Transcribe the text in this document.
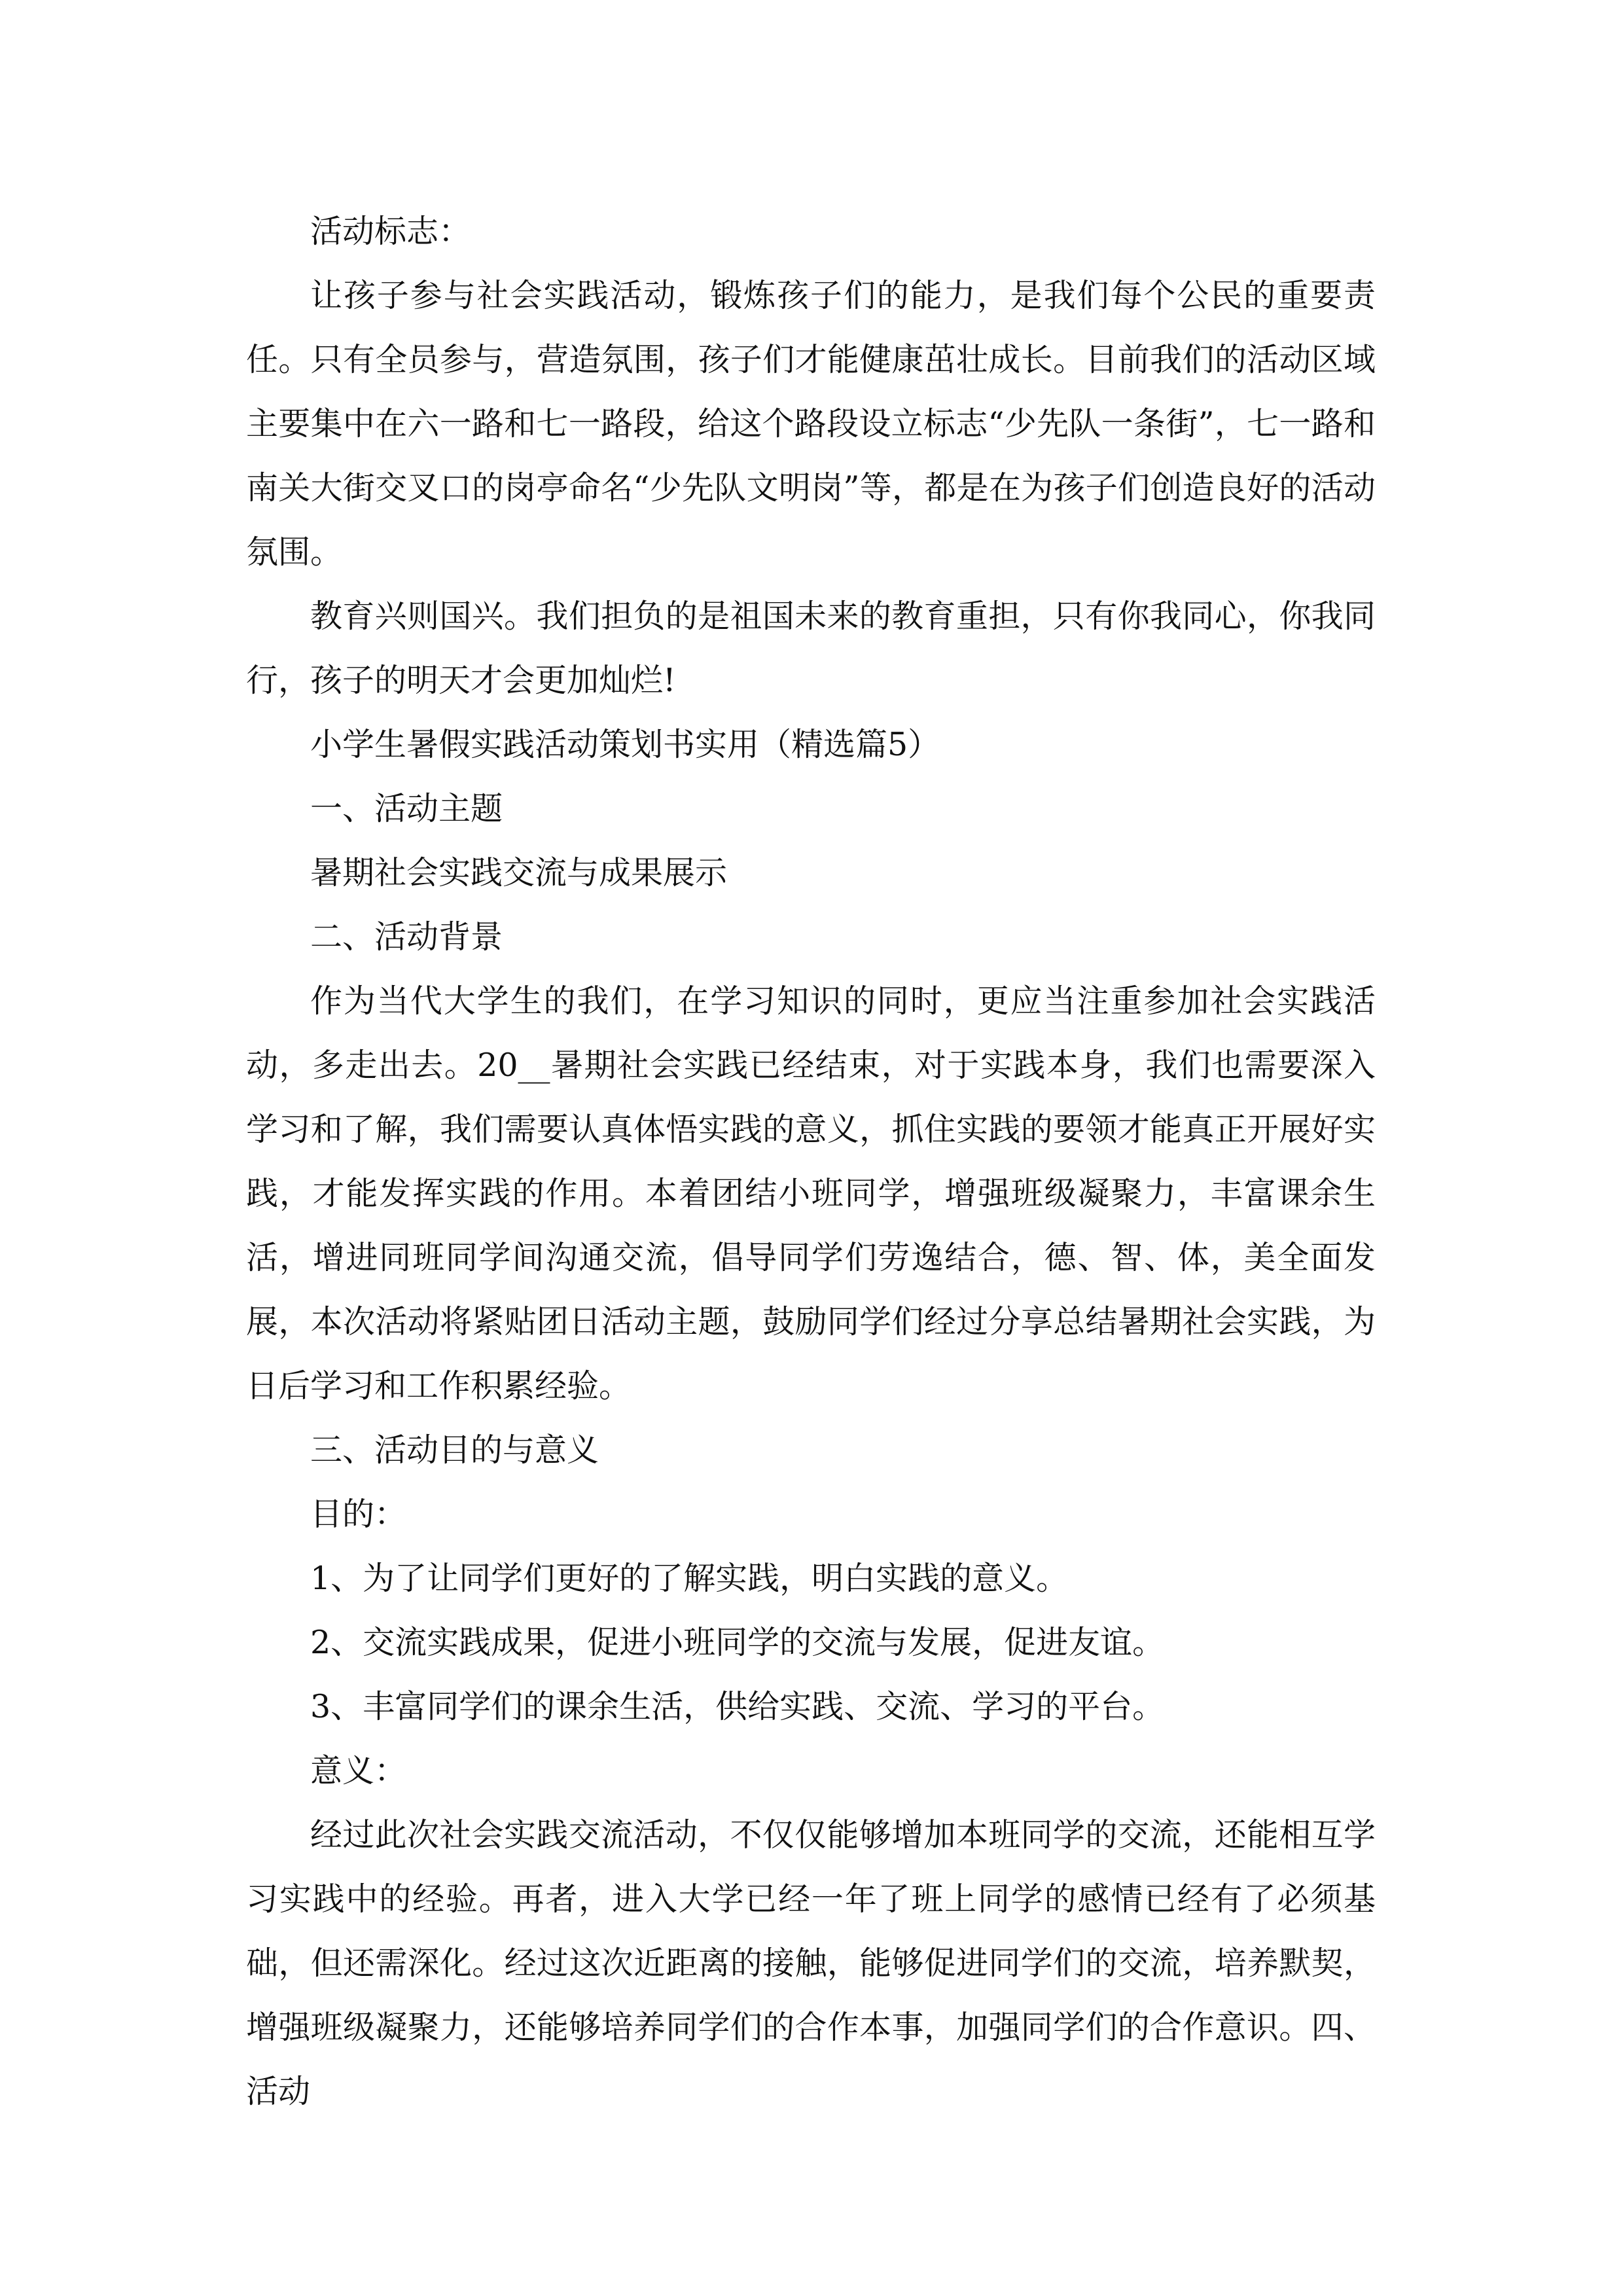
活动标志：

让孩子参与社会实践活动，锻炼孩子们的能力，是我们每个公民的重要责任。只有全员参与，营造氛围，孩子们才能健康茁壮成长。目前我们的活动区域主要集中在六一路和七一路段，给这个路段设立标志“少先队一条街”，七一路和南关大街交叉口的岗亭命名“少先队文明岗”等，都是在为孩子们创造良好的活动氛围。

教育兴则国兴。我们担负的是祖国未来的教育重担，只有你我同心，你我同行，孩子的明天才会更加灿烂!

小学生暑假实践活动策划书实用（精选篇5）

一、活动主题

暑期社会实践交流与成果展示

二、活动背景

作为当代大学生的我们，在学习知识的同时，更应当注重参加社会实践活动，多走出去。20__暑期社会实践已经结束，对于实践本身，我们也需要深入学习和了解，我们需要认真体悟实践的意义，抓住实践的要领才能真正开展好实践，才能发挥实践的作用。本着团结小班同学，增强班级凝聚力，丰富课余生活，增进同班同学间沟通交流，倡导同学们劳逸结合，德、智、体，美全面发展，本次活动将紧贴团日活动主题，鼓励同学们经过分享总结暑期社会实践，为日后学习和工作积累经验。

三、活动目的与意义

目的：

1、为了让同学们更好的了解实践，明白实践的意义。

2、交流实践成果，促进小班同学的交流与发展，促进友谊。

3、丰富同学们的课余生活，供给实践、交流、学习的平台。

意义：

经过此次社会实践交流活动，不仅仅能够增加本班同学的交流，还能相互学习实践中的经验。再者，进入大学已经一年了班上同学的感情已经有了必须基础，但还需深化。经过这次近距离的接触，能够促进同学们的交流，培养默契，增强班级凝聚力，还能够培养同学们的合作本事，加强同学们的合作意识。四、活动
